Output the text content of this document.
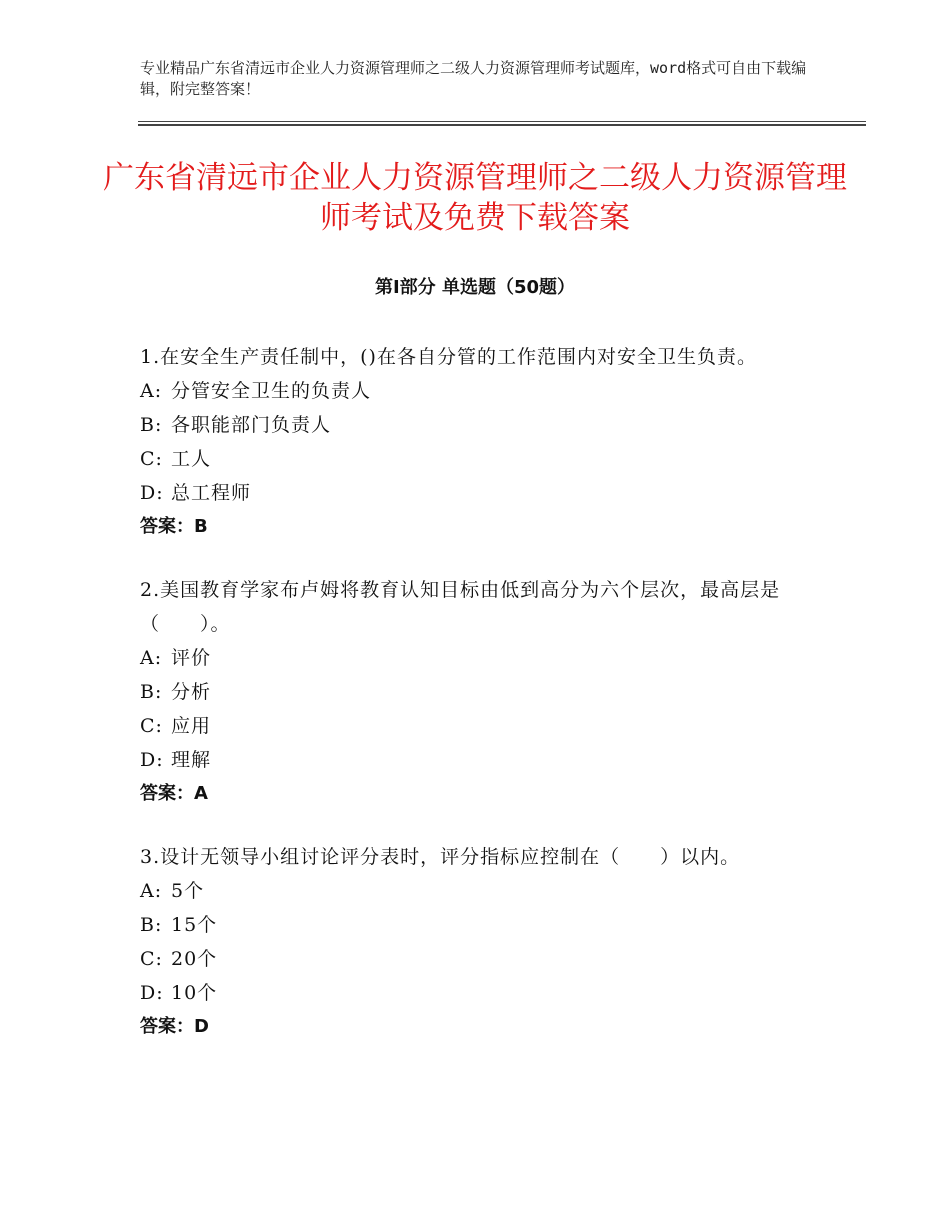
专业精品广东省清远市企业人力资源管理师之二级人力资源管理师考试题库，word格式可自由下载编辑，附完整答案！
广东省清远市企业人力资源管理师之二级人力资源管理师考试及免费下载答案
第Ⅰ部分 单选题（50题）

1.在安全生产责任制中，()在各自分管的工作范围内对安全卫生负责。

A: 分管安全卫生的负责人

B: 各职能部门负责人

C: 工人

D: 总工程师

答案：B

2.美国教育学家布卢姆将教育认知目标由低到高分为六个层次，最高层是（　　）。

A: 评价

B: 分析

C: 应用

D: 理解

答案：A

3.设计无领导小组讨论评分表时，评分指标应控制在（　　）以内。

A: 5个

B: 15个

C: 20个

D: 10个

答案：D
